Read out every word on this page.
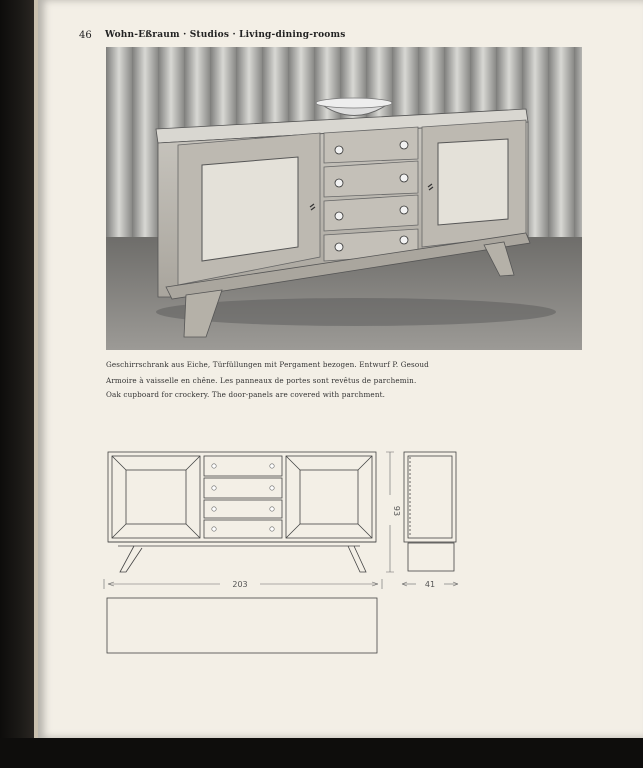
46 Wohn-Eßraum · Studios · Living-dining-rooms
Geschirrschrank aus Eiche, Türfüllungen mit Pergament bezogen. Entwurf P. Gesoud
Armoire à vaisselle en chêne. Les panneaux de portes sont revêtus de parchemin.
Oak cupboard for crockery. The door-panels are covered with parchment.
203
93
41
